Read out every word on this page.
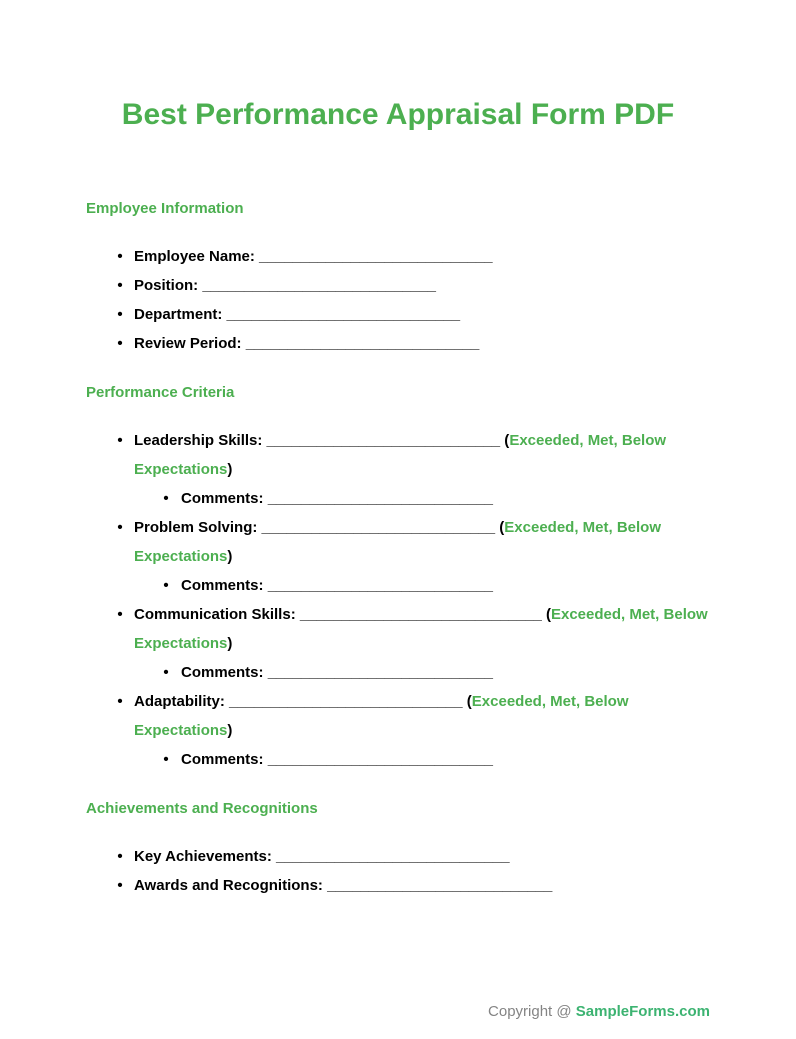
Best Performance Appraisal Form PDF
Employee Information
• Employee Name: ____________________________
• Position: ____________________________
• Department: ____________________________
• Review Period: ____________________________
Performance Criteria
• Leadership Skills: ____________________________ (Exceeded, Met, Below Expectations)
• Comments: ___________________________
• Problem Solving: ____________________________ (Exceeded, Met, Below Expectations)
• Comments: ___________________________
• Communication Skills: _____________________________ (Exceeded, Met, Below Expectations)
• Comments: ___________________________
• Adaptability: ____________________________ (Exceeded, Met, Below Expectations)
• Comments: ___________________________
Achievements and Recognitions
• Key Achievements: ____________________________
• Awards and Recognitions: ___________________________
Copyright @ SampleForms.com
